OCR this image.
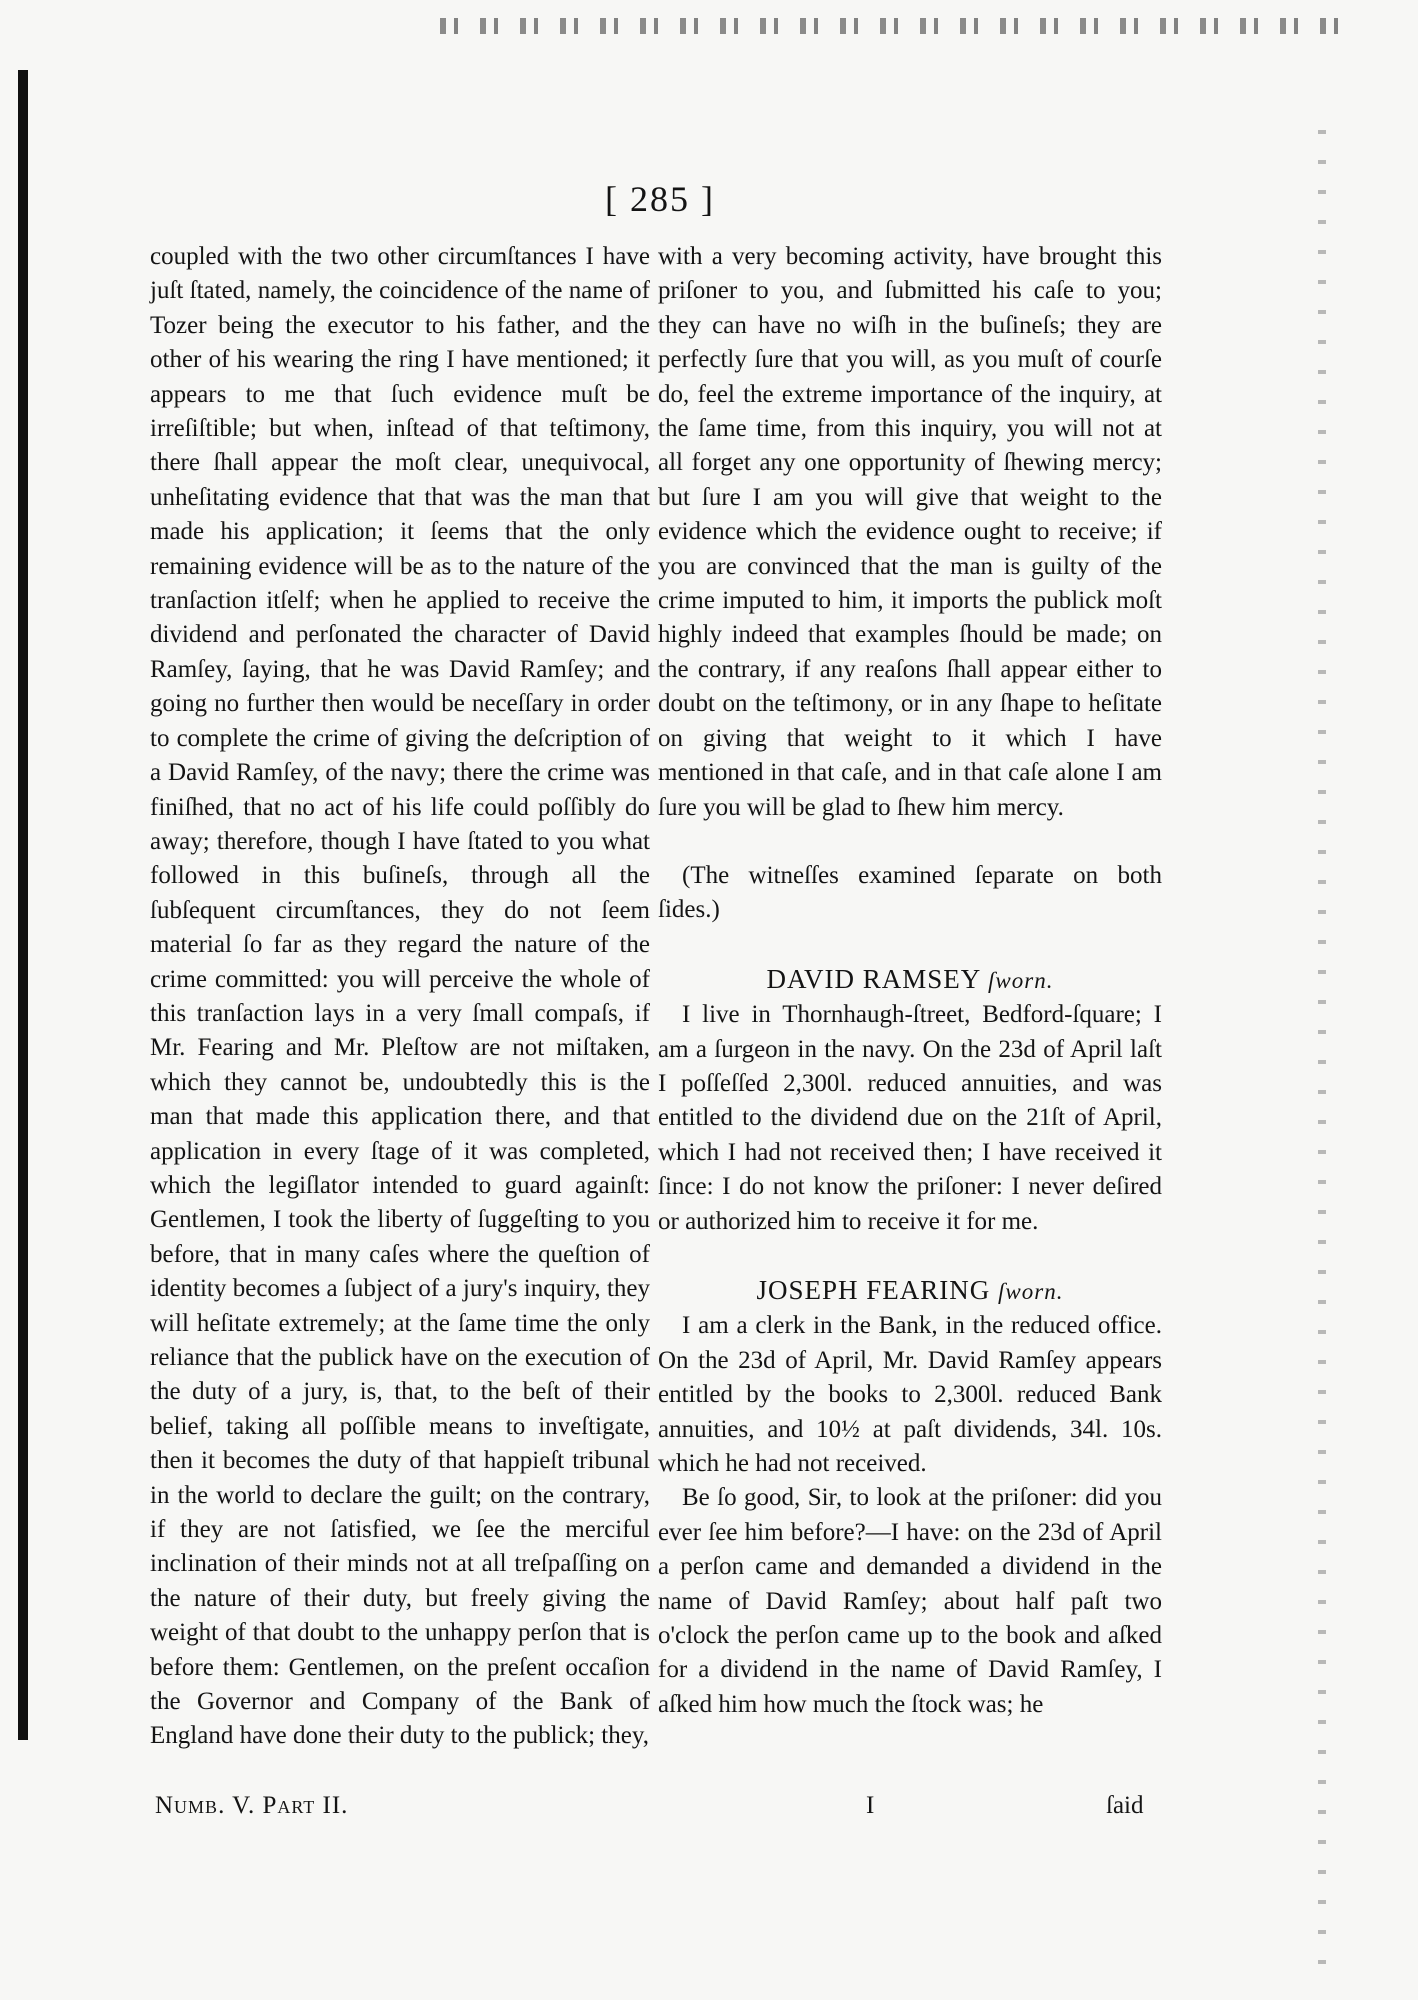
[ 285 ]

coupled with the two other circumſtances I have juſt ſtated, namely, the coincidence of the name of Tozer being the executor to his father, and the other of his wearing the ring I have mentioned; it appears to me that ſuch evidence muſt be irreſiſtible; but when, inſtead of that teſtimony, there ſhall appear the moſt clear, unequivocal, unheſitating evidence that that was the man that made his application; it ſeems that the only remaining evidence will be as to the nature of the tranſaction itſelf; when he applied to receive the dividend and perſonated the character of David Ramſey, ſaying, that he was David Ramſey; and going no further then would be neceſſary in order to complete the crime of giving the deſcription of a David Ramſey, of the navy; there the crime was finiſhed, that no act of his life could poſſibly do away; therefore, though I have ſtated to you what followed in this buſineſs, through all the ſubſequent circumſtances, they do not ſeem material ſo far as they regard the nature of the crime committed: you will perceive the whole of this tranſaction lays in a very ſmall compaſs, if Mr. Fearing and Mr. Pleſtow are not miſtaken, which they cannot be, undoubtedly this is the man that made this application there, and that application in every ſtage of it was completed, which the legiſlator intended to guard againſt: Gentlemen, I took the liberty of ſuggeſting to you before, that in many caſes where the queſtion of identity becomes a ſubject of a jury's inquiry, they will heſitate extremely; at the ſame time the only reliance that the publick have on the execution of the duty of a jury, is, that, to the beſt of their belief, taking all poſſible means to inveſtigate, then it becomes the duty of that happieſt tribunal in the world to declare the guilt; on the contrary, if they are not ſatisfied, we ſee the merciful inclination of their minds not at all treſpaſſing on the nature of their duty, but freely giving the weight of that doubt to the unhappy perſon that is before them: Gentlemen, on the preſent occaſion the Governor and Company of the Bank of England have done their duty to the publick; they,

with a very becoming activity, have brought this priſoner to you, and ſubmitted his caſe to you; they can have no wiſh in the buſineſs; they are perfectly ſure that you will, as you muſt of courſe do, feel the extreme importance of the inquiry, at the ſame time, from this inquiry, you will not at all forget any one opportunity of ſhewing mercy; but ſure I am you will give that weight to the evidence which the evidence ought to receive; if you are convinced that the man is guilty of the crime imputed to him, it imports the publick moſt highly indeed that examples ſhould be made; on the contrary, if any reaſons ſhall appear either to doubt on the teſtimony, or in any ſhape to heſitate on giving that weight to it which I have mentioned in that caſe, and in that caſe alone I am ſure you will be glad to ſhew him mercy.

(The witneſſes examined ſeparate on both ſides.)

DAVID RAMSEY ſworn.

I live in Thornhaugh-ſtreet, Bedford-ſquare; I am a ſurgeon in the navy. On the 23d of April laſt I poſſeſſed 2,300l. reduced annuities, and was entitled to the dividend due on the 21ſt of April, which I had not received then; I have received it ſince: I do not know the priſoner: I never deſired or authorized him to receive it for me.

JOSEPH FEARING ſworn.

I am a clerk in the Bank, in the reduced office. On the 23d of April, Mr. David Ramſey appears entitled by the books to 2,300l. reduced Bank annuities, and 10½ at paſt dividends, 34l. 10s. which he had not received.

Be ſo good, Sir, to look at the priſoner: did you ever ſee him before?—I have: on the 23d of April a perſon came and demanded a dividend in the name of David Ramſey; about half paſt two o'clock the perſon came up to the book and aſked for a dividend in the name of David Ramſey, I aſked him how much the ſtock was; he

Numb. V. Part II.	I	ſaid
